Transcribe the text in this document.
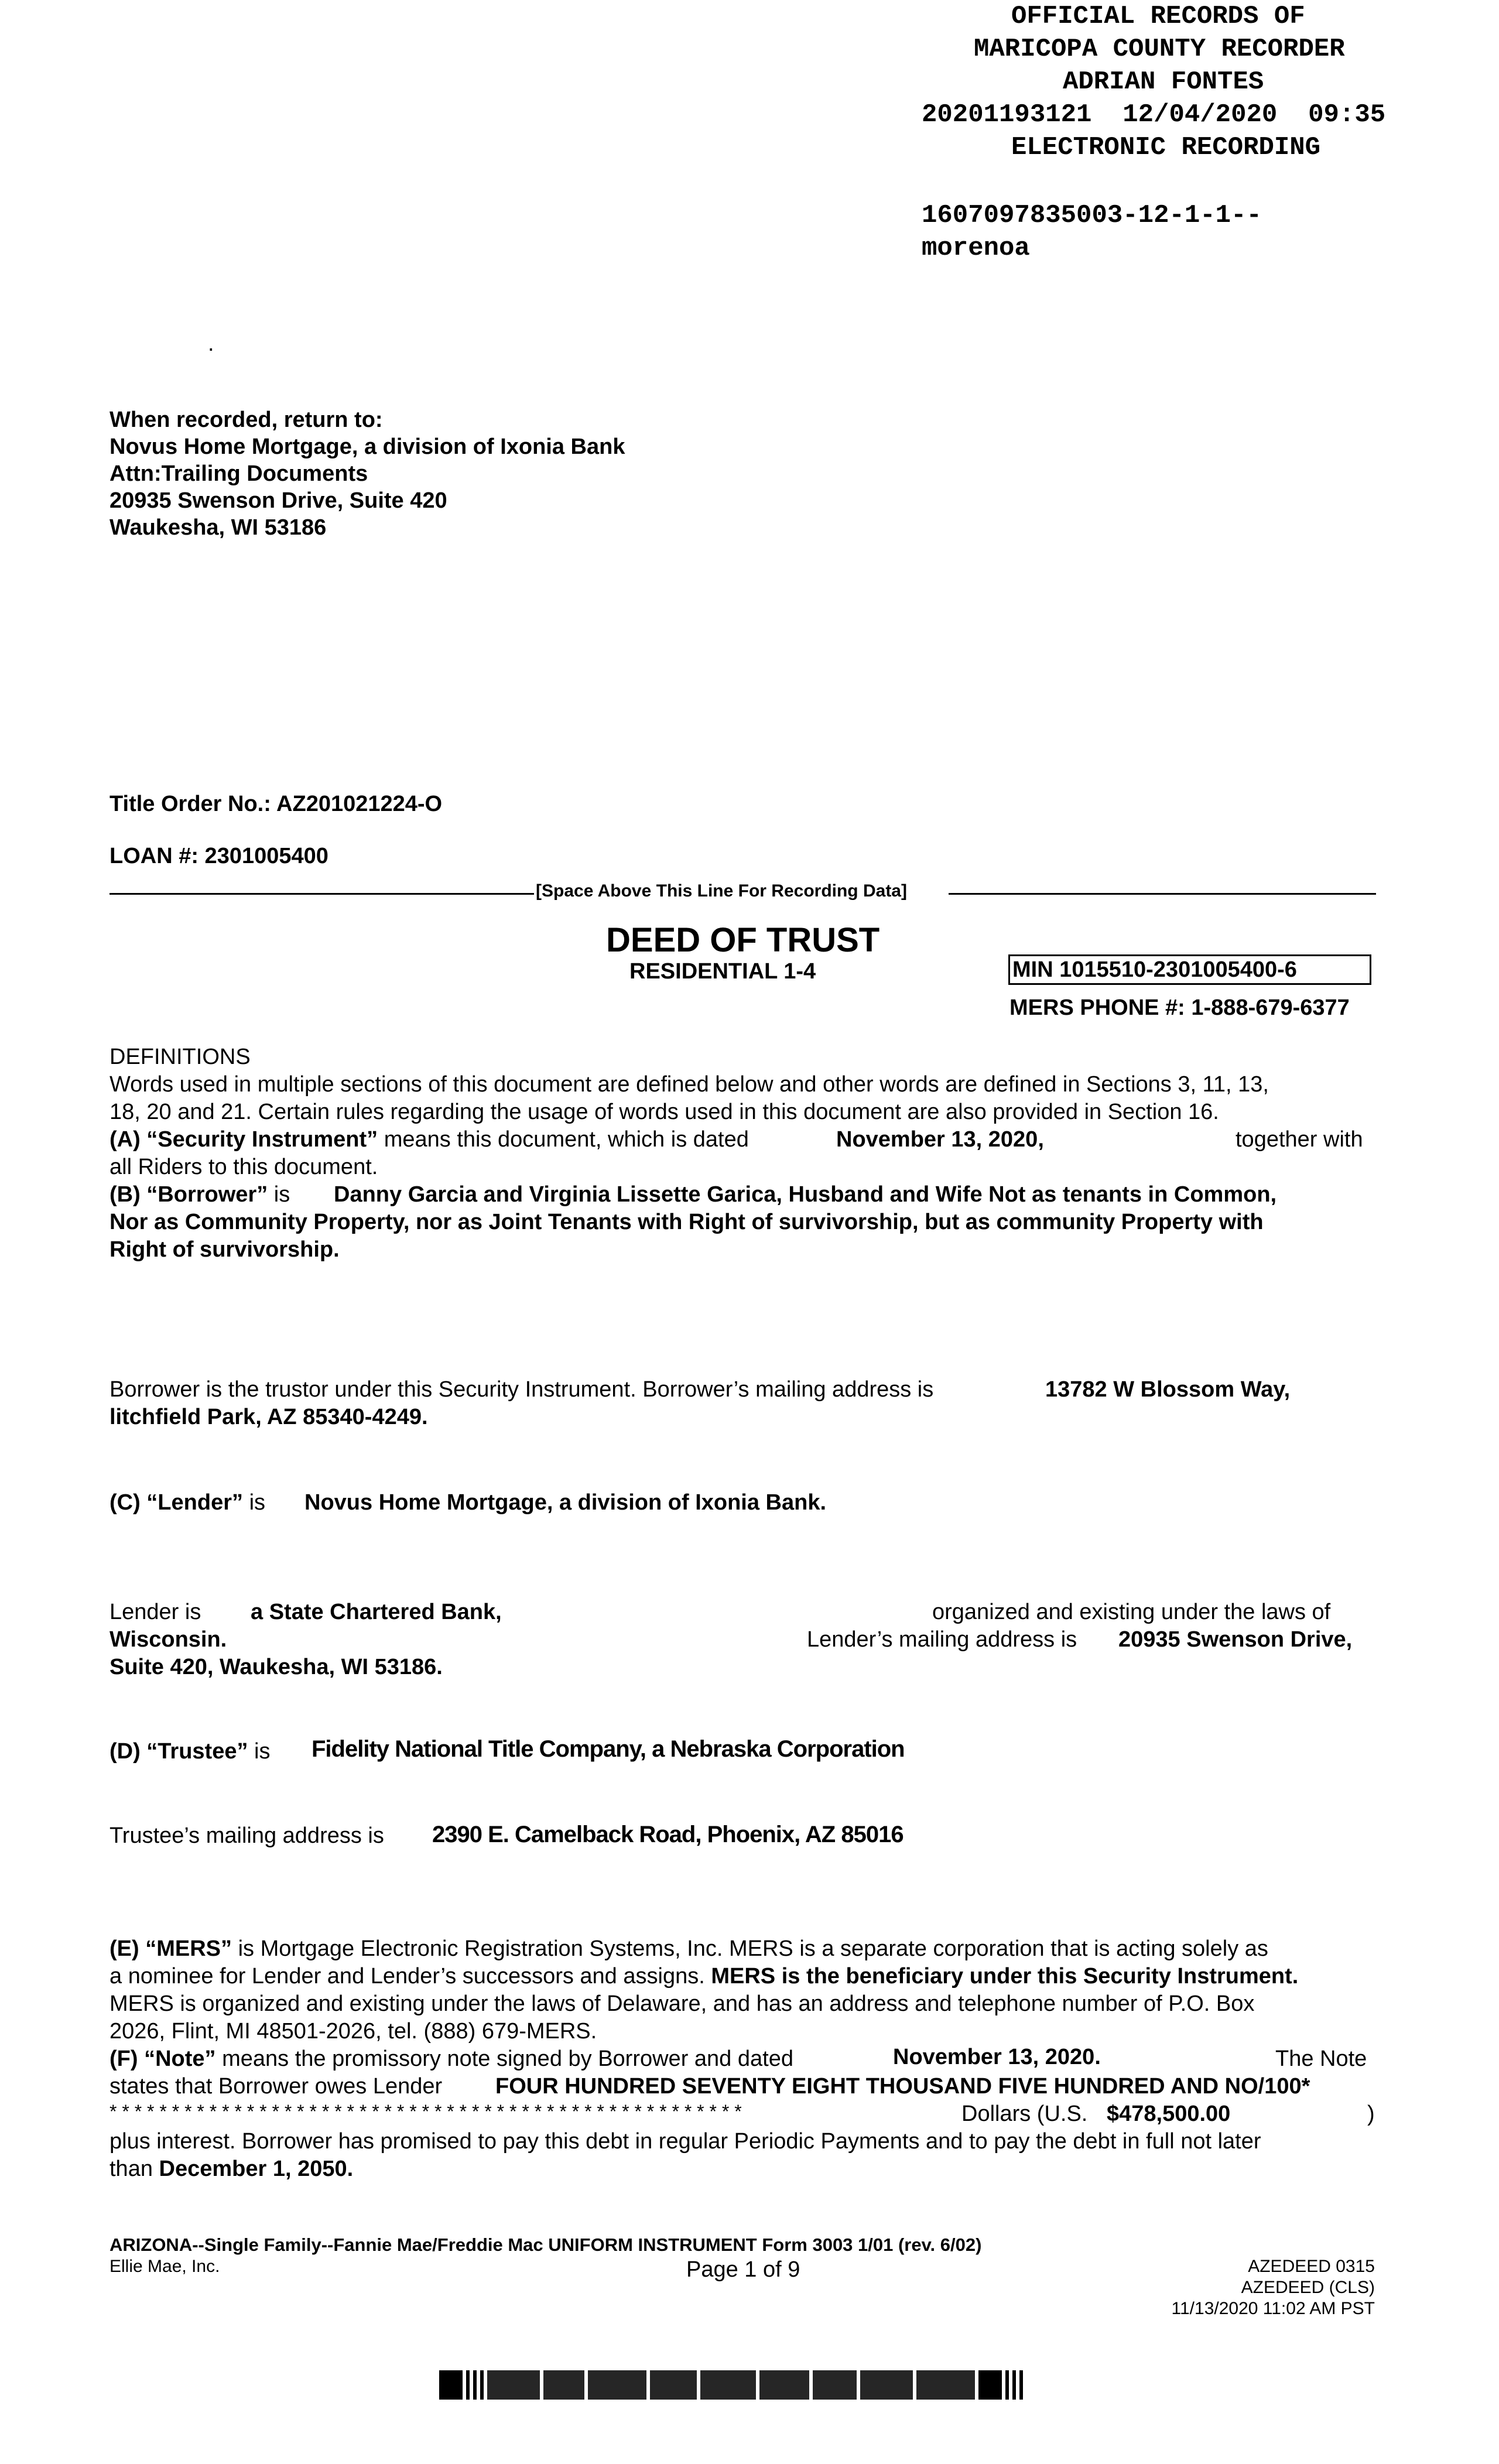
OFFICIAL RECORDS OF
MARICOPA COUNTY RECORDER
ADRIAN FONTES
20201193121  12/04/2020  09:35
ELECTRONIC RECORDING
1607097835003-12-1-1--
morenoa
.
When recorded, return to:
Novus Home Mortgage, a division of Ixonia Bank
Attn:Trailing Documents
20935 Swenson Drive, Suite 420
Waukesha, WI 53186
Title Order No.: AZ201021224-O
LOAN #: 2301005400
[Space Above This Line For Recording Data]
DEED OF TRUST
RESIDENTIAL 1-4	MIN 1015510-2301005400-6
MERS PHONE #: 1-888-679-6377
DEFINITIONS
Words used in multiple sections of this document are defined below and other words are defined in Sections 3, 11, 13,
18, 20 and 21. Certain rules regarding the usage of words used in this document are also provided in Section 16.
(A) “Security Instrument” means this document, which is dated	November 13, 2020,	together with
all Riders to this document.
(B) “Borrower” is Danny Garcia and Virginia Lissette Garica, Husband and Wife Not as tenants in Common,
Nor as Community Property, nor as Joint Tenants with Right of survivorship, but as community Property with
Right of survivorship.
Borrower is the trustor under this Security Instrument. Borrower’s mailing address is	13782 W Blossom Way,
litchfield Park, AZ 85340-4249.
(C) “Lender” is Novus Home Mortgage, a division of Ixonia Bank.
Lender is a State Chartered Bank,	organized and existing under the laws of
Wisconsin.	Lender’s mailing address is 20935 Swenson Drive,
Suite 420, Waukesha, WI 53186.
(D) “Trustee” is Fidelity National Title Company, a Nebraska Corporation
Trustee’s mailing address is 2390 E. Camelback Road, Phoenix, AZ 85016
(E) “MERS” is Mortgage Electronic Registration Systems, Inc. MERS is a separate corporation that is acting solely as
a nominee for Lender and Lender’s successors and assigns. MERS is the beneficiary under this Security Instrument.
MERS is organized and existing under the laws of Delaware, and has an address and telephone number of P.O. Box
2026, Flint, MI 48501-2026, tel. (888) 679-MERS.
(F) “Note” means the promissory note signed by Borrower and dated	November 13, 2020.	The Note
states that Borrower owes Lender FOUR HUNDRED SEVENTY EIGHT THOUSAND FIVE HUNDRED AND NO/100*
* * * * * * * * * * * * * * * * * * * * * * * * * * * * * * * * * * * * * * * * * * * * * * * * * * *	Dollars (U.S. $478,500.00	)
plus interest. Borrower has promised to pay this debt in regular Periodic Payments and to pay the debt in full not later
than December 1, 2050.
ARIZONA--Single Family--Fannie Mae/Freddie Mac UNIFORM INSTRUMENT Form 3003 1/01 (rev. 6/02)
Ellie Mae, Inc.	Page 1 of 9	AZEDEED 0315
AZEDEED (CLS)
11/13/2020 11:02 AM PST
